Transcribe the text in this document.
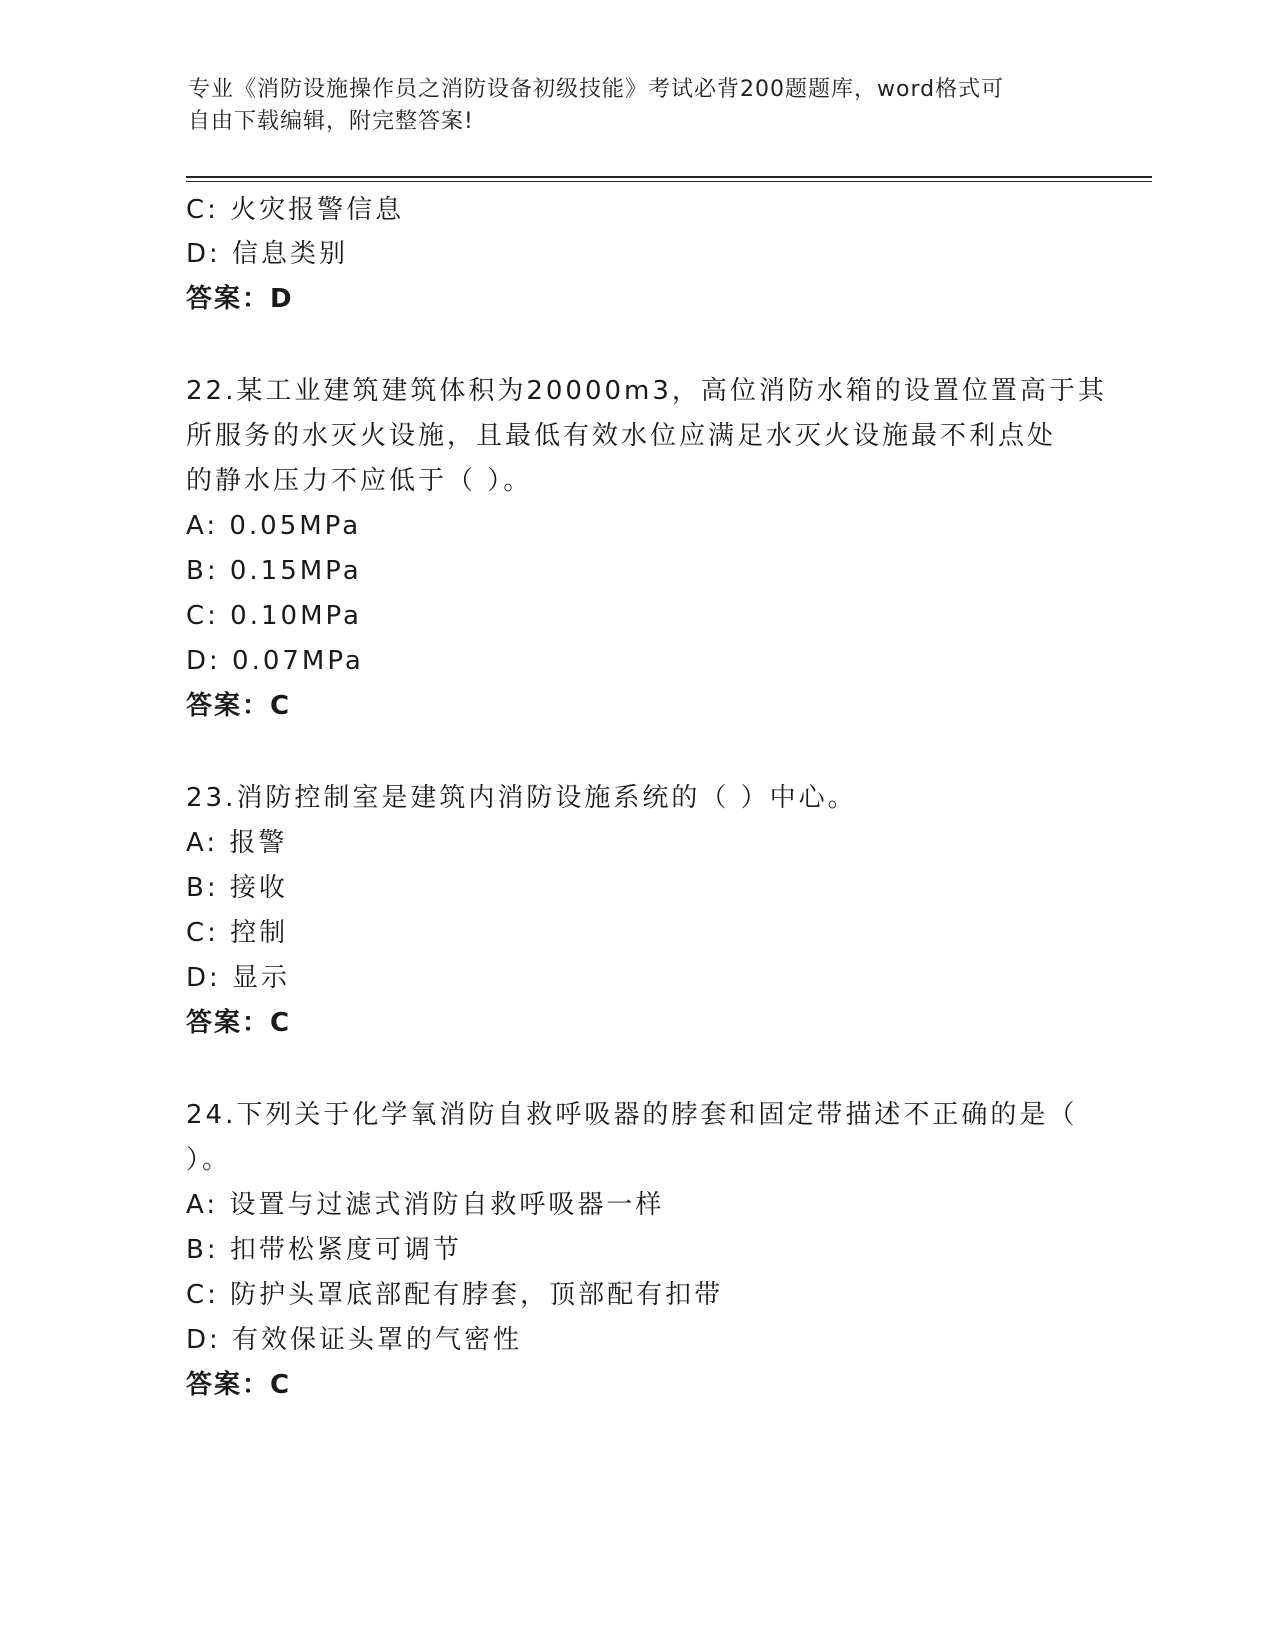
专业《消防设施操作员之消防设备初级技能》考试必背200题题库，word格式可
自由下载编辑，附完整答案!
C: 火灾报警信息
D: 信息类别
答案：D
22.某工业建筑建筑体积为20000m3，高位消防水箱的设置位置高于其
所服务的水灭火设施，且最低有效水位应满足水灭火设施最不利点处
的静水压力不应低于（ ）。
A: 0.05MPa
B: 0.15MPa
C: 0.10MPa
D: 0.07MPa
答案：C
23.消防控制室是建筑内消防设施系统的（ ）中心。
A: 报警
B: 接收
C: 控制
D: 显示
答案：C
24.下列关于化学氧消防自救呼吸器的脖套和固定带描述不正确的是（
）。
A: 设置与过滤式消防自救呼吸器一样
B: 扣带松紧度可调节
C: 防护头罩底部配有脖套，顶部配有扣带
D: 有效保证头罩的气密性
答案：C
